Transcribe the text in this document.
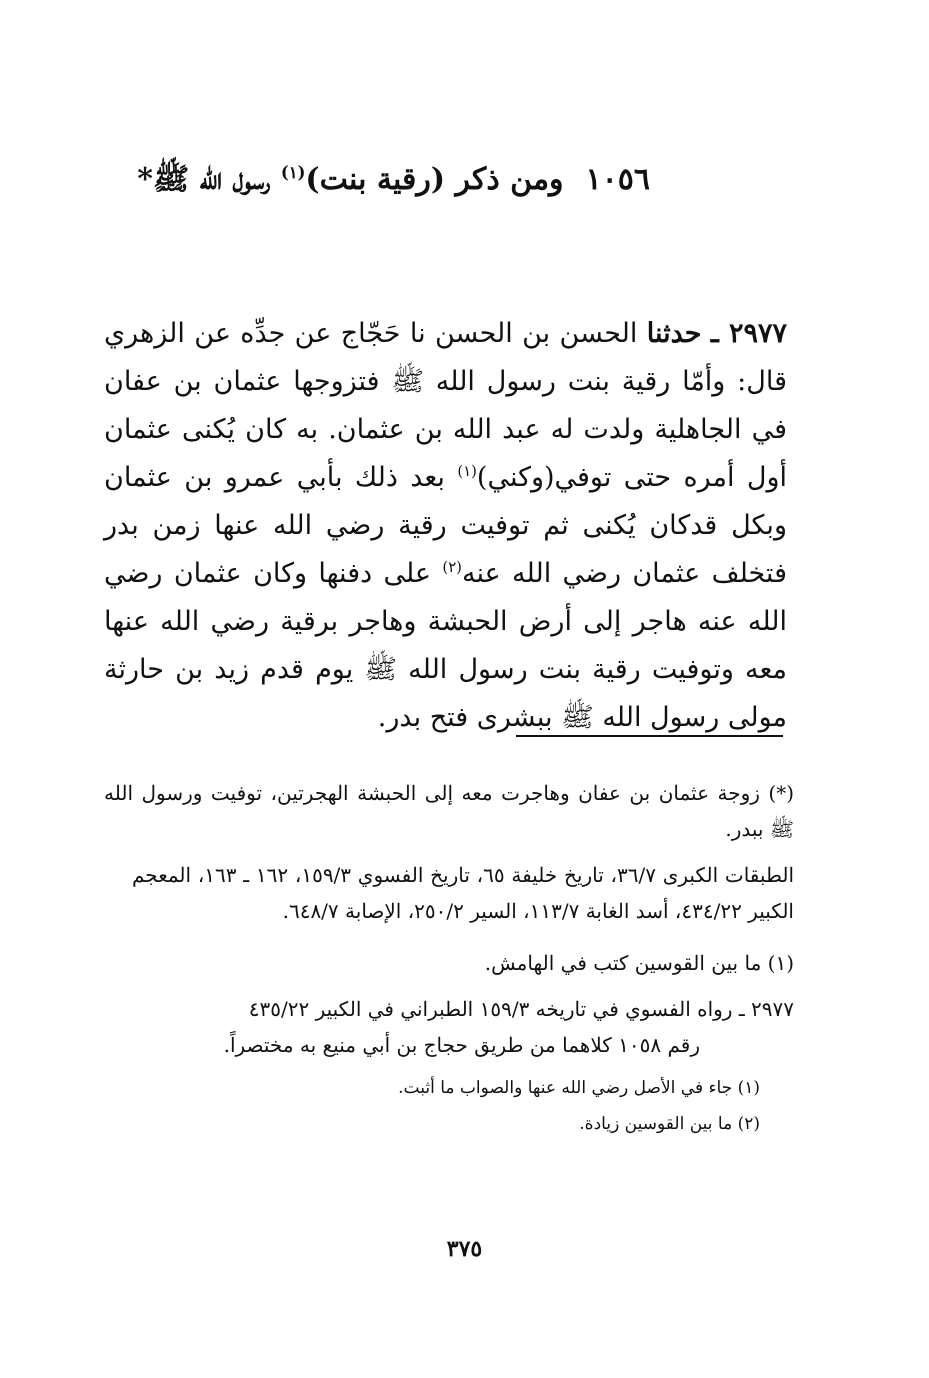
١٠٥٦
ومن ذكر (رقية بنت)$^{(١)}$ رسول الله ﷺ*

٢٩٧٧ ـ حدثنا الحسن بن الحسن نا حَجّاج عن جدِّه عن الزهري قال: وأمّا رقية بنت رسول الله ﷺ فتزوجها عثمان بن عفان في الجاهلية ولدت له عبد الله بن عثمان. به كان يُكنى عثمان أول أمره حتى توفي(وكني)$^{(١)}$ بعد ذلك بأبي عمرو بن عثمان وبكل قدكان يُكنى ثم توفيت رقية رضي الله عنها زمن بدر فتخلف عثمان رضي الله عنه$^{(٢)}$ على دفنها وكان عثمان رضي الله عنه هاجر إلى أرض الحبشة وهاجر برقية رضي الله عنها معه وتوفيت رقية بنت رسول الله ﷺ يوم قدم زيد بن حارثة مولى رسول الله ﷺ ببشرى فتح بدر.

(*) زوجة عثمان بن عفان وهاجرت معه إلى الحبشة الهجرتين، توفيت ورسول الله ﷺ ببدر.

الطبقات الكبرى ٣٦/٧، تاريخ خليفة ٦٥، تاريخ الفسوي ١٥٩/٣، ١٦٢ ـ ١٦٣، المعجم الكبير ٤٣٤/٢٢، أسد الغابة ١١٣/٧، السير ٢٥٠/٢، الإصابة ٦٤٨/٧.

(١) ما بين القوسين كتب في الهامش.

٢٩٧٧ ـ رواه الفسوي في تاريخه ١٥٩/٣ الطبراني في الكبير ٤٣٥/٢٢
رقم ١٠٥٨ كلاهما من طريق حجاج بن أبي منيع به مختصراً.

(١) جاء في الأصل رضي الله عنها والصواب ما أثبت.

(٢) ما بين القوسين زيادة.

٣٧٥
